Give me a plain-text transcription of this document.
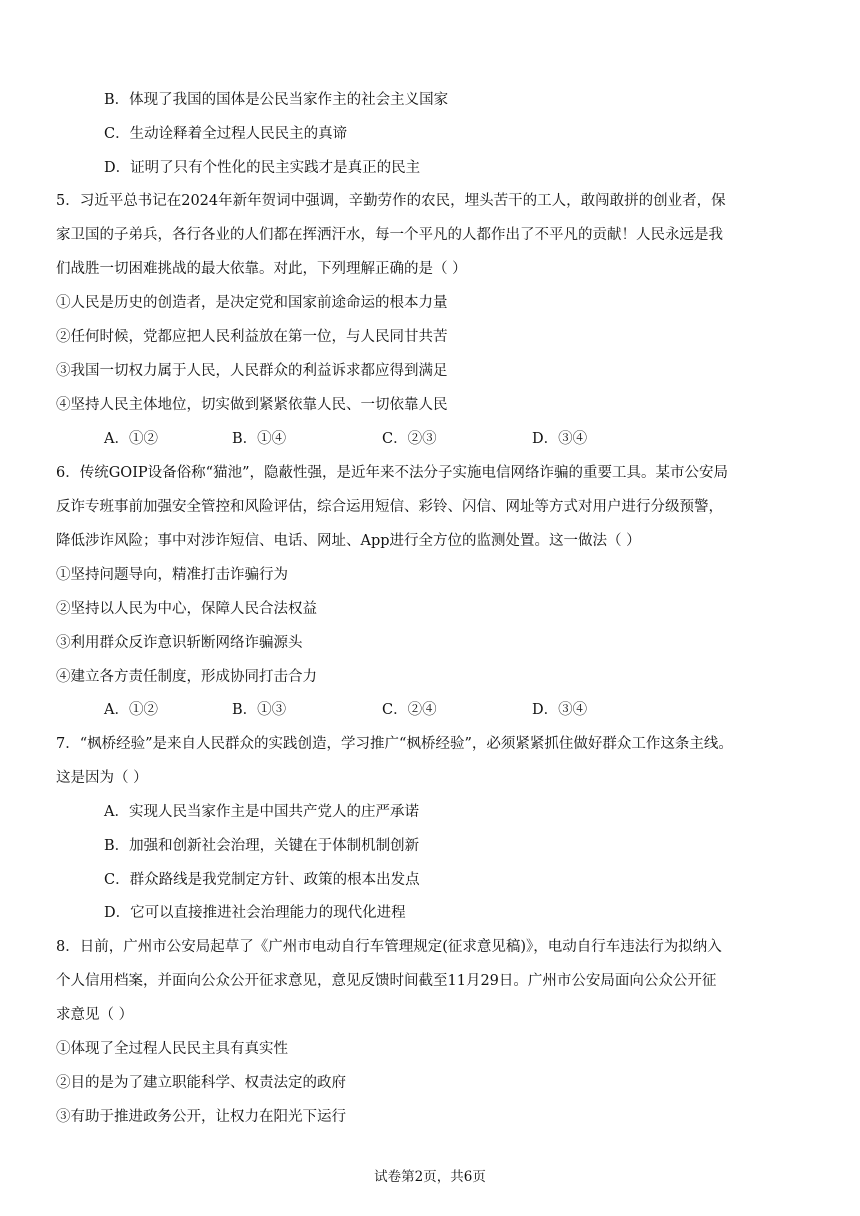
B．体现了我国的国体是公民当家作主的社会主义国家
C．生动诠释着全过程人民民主的真谛
D．证明了只有个性化的民主实践才是真正的民主
5．习近平总书记在2024年新年贺词中强调，辛勤劳作的农民，埋头苦干的工人，敢闯敢拼的创业者，保
家卫国的子弟兵，各行各业的人们都在挥洒汗水，每一个平凡的人都作出了不平凡的贡献！人民永远是我
们战胜一切困难挑战的最大依靠。对此，下列理解正确的是（ ）
①人民是历史的创造者，是决定党和国家前途命运的根本力量
②任何时候，党都应把人民利益放在第一位，与人民同甘共苦
③我国一切权力属于人民，人民群众的利益诉求都应得到满足
④坚持人民主体地位，切实做到紧紧依靠人民、一切依靠人民
A．①②	B．①④	C．②③	D．③④
6．传统GOIP设备俗称“猫池”，隐蔽性强，是近年来不法分子实施电信网络诈骗的重要工具。某市公安局
反诈专班事前加强安全管控和风险评估，综合运用短信、彩铃、闪信、网址等方式对用户进行分级预警，
降低涉诈风险；事中对涉诈短信、电话、网址、App进行全方位的监测处置。这一做法（ ）
①坚持问题导向，精准打击诈骗行为
②坚持以人民为中心，保障人民合法权益
③利用群众反诈意识斩断网络诈骗源头
④建立各方责任制度，形成协同打击合力
A．①②	B．①③	C．②④	D．③④
7．“枫桥经验”是来自人民群众的实践创造，学习推广“枫桥经验”，必须紧紧抓住做好群众工作这条主线。
这是因为（ ）
A．实现人民当家作主是中国共产党人的庄严承诺
B．加强和创新社会治理，关键在于体制机制创新
C．群众路线是我党制定方针、政策的根本出发点
D．它可以直接推进社会治理能力的现代化进程
8．日前，广州市公安局起草了《广州市电动自行车管理规定(征求意见稿)》，电动自行车违法行为拟纳入
个人信用档案，并面向公众公开征求意见，意见反馈时间截至11月29日。广州市公安局面向公众公开征
求意见（ ）
①体现了全过程人民民主具有真实性
②目的是为了建立职能科学、权责法定的政府
③有助于推进政务公开，让权力在阳光下运行
试卷第2页，共6页
